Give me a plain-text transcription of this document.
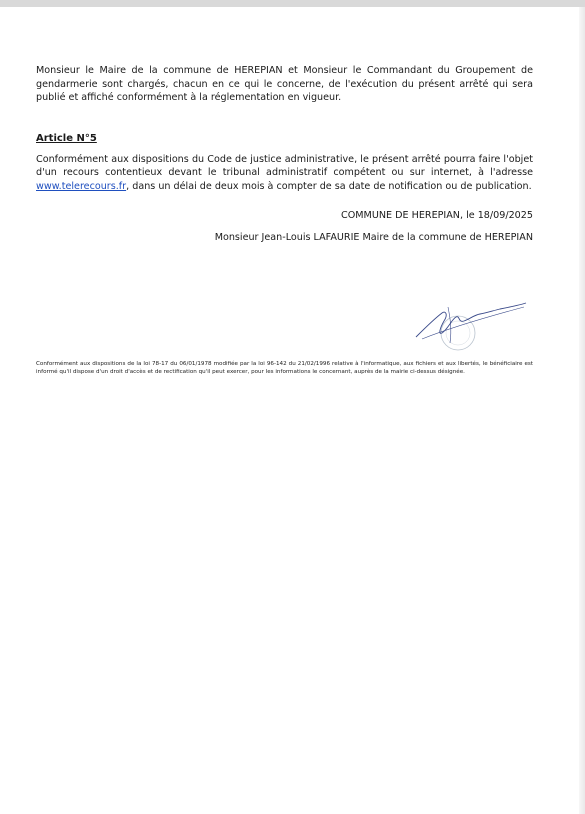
Monsieur le Maire de la commune de HEREPIAN et Monsieur le Commandant du Groupement de gendarmerie sont chargés, chacun en ce qui le concerne, de l'exécution du présent arrêté qui sera publié et affiché conformément à la réglementation en vigueur.

Article N°5

Conformément aux dispositions du Code de justice administrative, le présent arrêté pourra faire l'objet d'un recours contentieux devant le tribunal administratif compétent ou sur internet, à l'adresse www.telerecours.fr, dans un délai de deux mois à compter de sa date de notification ou de publication.

COMMUNE DE HEREPIAN, le 18/09/2025
Monsieur Jean-Louis LAFAURIE Maire de la commune de HEREPIAN

Conformément aux dispositions de la loi 78-17 du 06/01/1978 modifiée par la loi 96-142 du 21/02/1996 relative à l'informatique, aux fichiers et aux libertés, le bénéficiaire est informé qu'il dispose d'un droit d'accès et de rectification qu'il peut exercer, pour les informations le concernant, auprès de la mairie ci-dessus désignée.
